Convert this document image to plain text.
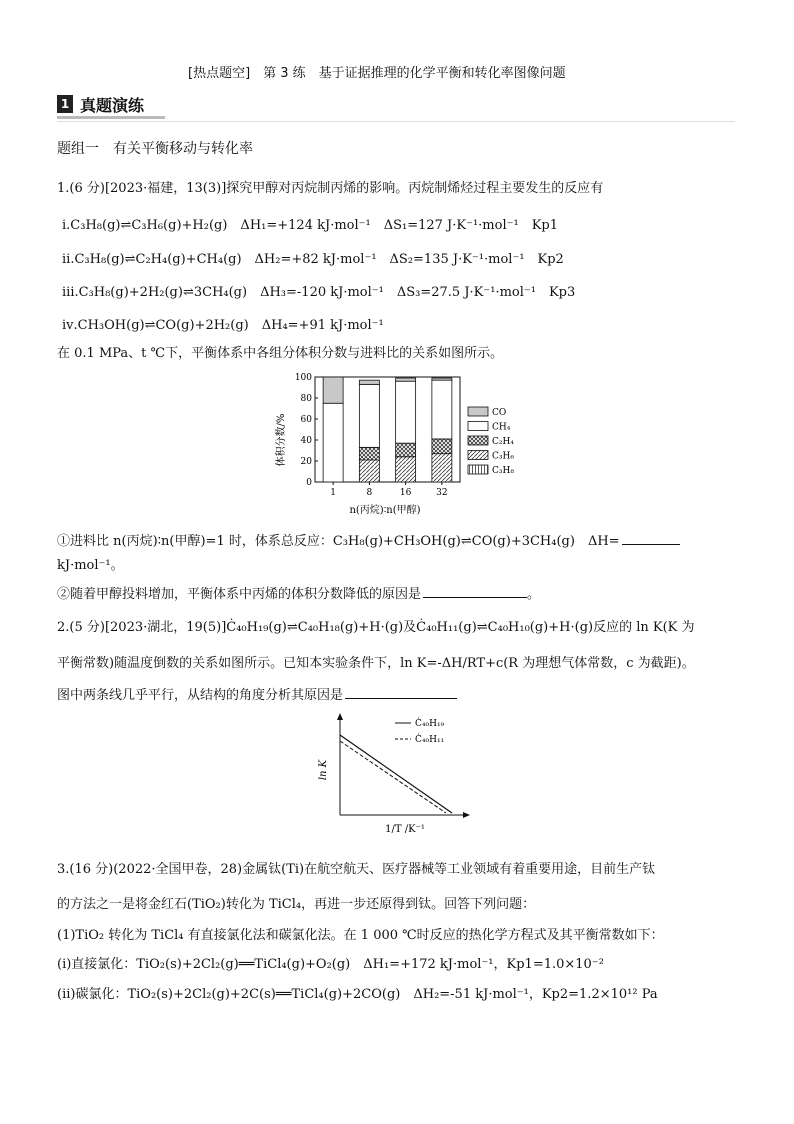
[热点题空]　第 3 练　基于证据推理的化学平衡和转化率图像问题
1 真题演练
题组一　有关平衡移动与转化率
1.(6 分)[2023·福建，13(3)]探究甲醇对丙烷制丙烯的影响。丙烷制烯烃过程主要发生的反应有
ⅰ.C₃H₈(g)⇌C₃H₆(g)+H₂(g)　ΔH₁=+124 kJ·mol⁻¹　ΔS₁=127 J·K⁻¹·mol⁻¹　Kp1
ⅱ.C₃H₈(g)⇌C₂H₄(g)+CH₄(g)　ΔH₂=+82 kJ·mol⁻¹　ΔS₂=135 J·K⁻¹·mol⁻¹　Kp2
ⅲ.C₃H₈(g)+2H₂(g)⇌3CH₄(g)　ΔH₃=-120 kJ·mol⁻¹　ΔS₃=27.5 J·K⁻¹·mol⁻¹　Kp3
ⅳ.CH₃OH(g)⇌CO(g)+2H₂(g)　ΔH₄=+91 kJ·mol⁻¹
在 0.1 MPa、t ℃下，平衡体系中各组分体积分数与进料比的关系如图所示。
0
20
40
60
80
100
1	8	16	32
CO
CH₄
C₂H₄
C₃H₆
C₃H₈
体积分数/%
n(丙烷)∶n(甲醇)
①进料比 n(丙烷)∶n(甲醇)=1 时，体系总反应：C₃H₈(g)+CH₃OH(g)⇌CO(g)+3CH₄(g)　ΔH=
kJ·mol⁻¹。
②随着甲醇投料增加，平衡体系中丙烯的体积分数降低的原因是	。
2.(5 分)[2023·湖北，19(5)]Ċ₄₀H₁₉(g)⇌C₄₀H₁₈(g)+H·(g)及Ċ₄₀H₁₁(g)⇌C₄₀H₁₀(g)+H·(g)反应的 ln K(K 为
平衡常数)随温度倒数的关系如图所示。已知本实验条件下，ln K=-ΔH/RT+c(R 为理想气体常数，c 为截距)。
图中两条线几乎平行，从结构的角度分析其原因是
Ċ₄₀H₁₉
Ċ₄₀H₁₁
ln K
1/T /K⁻¹
3.(16 分)(2022·全国甲卷，28)金属钛(Ti)在航空航天、医疗器械等工业领域有着重要用途，目前生产钛
的方法之一是将金红石(TiO₂)转化为 TiCl₄，再进一步还原得到钛。回答下列问题：
(1)TiO₂ 转化为 TiCl₄ 有直接氯化法和碳氯化法。在 1 000 ℃时反应的热化学方程式及其平衡常数如下：
(ⅰ)直接氯化：TiO₂(s)+2Cl₂(g)══TiCl₄(g)+O₂(g)　ΔH₁=+172 kJ·mol⁻¹，Kp1=1.0×10⁻²
(ⅱ)碳氯化：TiO₂(s)+2Cl₂(g)+2C(s)══TiCl₄(g)+2CO(g)　ΔH₂=-51 kJ·mol⁻¹，Kp2=1.2×10¹² Pa
